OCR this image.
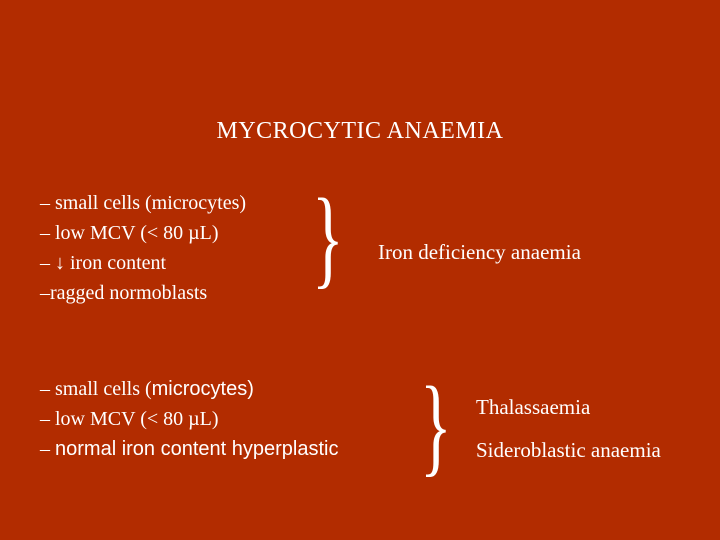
MYCROCYTIC ANAEMIA
– small cells (microcytes)
– low MCV (< 80 µL)
– ↓ iron content
–ragged normoblasts } Iron deficiency anaemia
– small cells (microcytes)
– low MCV (< 80 µL)
– normal iron content hyperplastic } Thalassaemia
Sideroblastic anaemia
